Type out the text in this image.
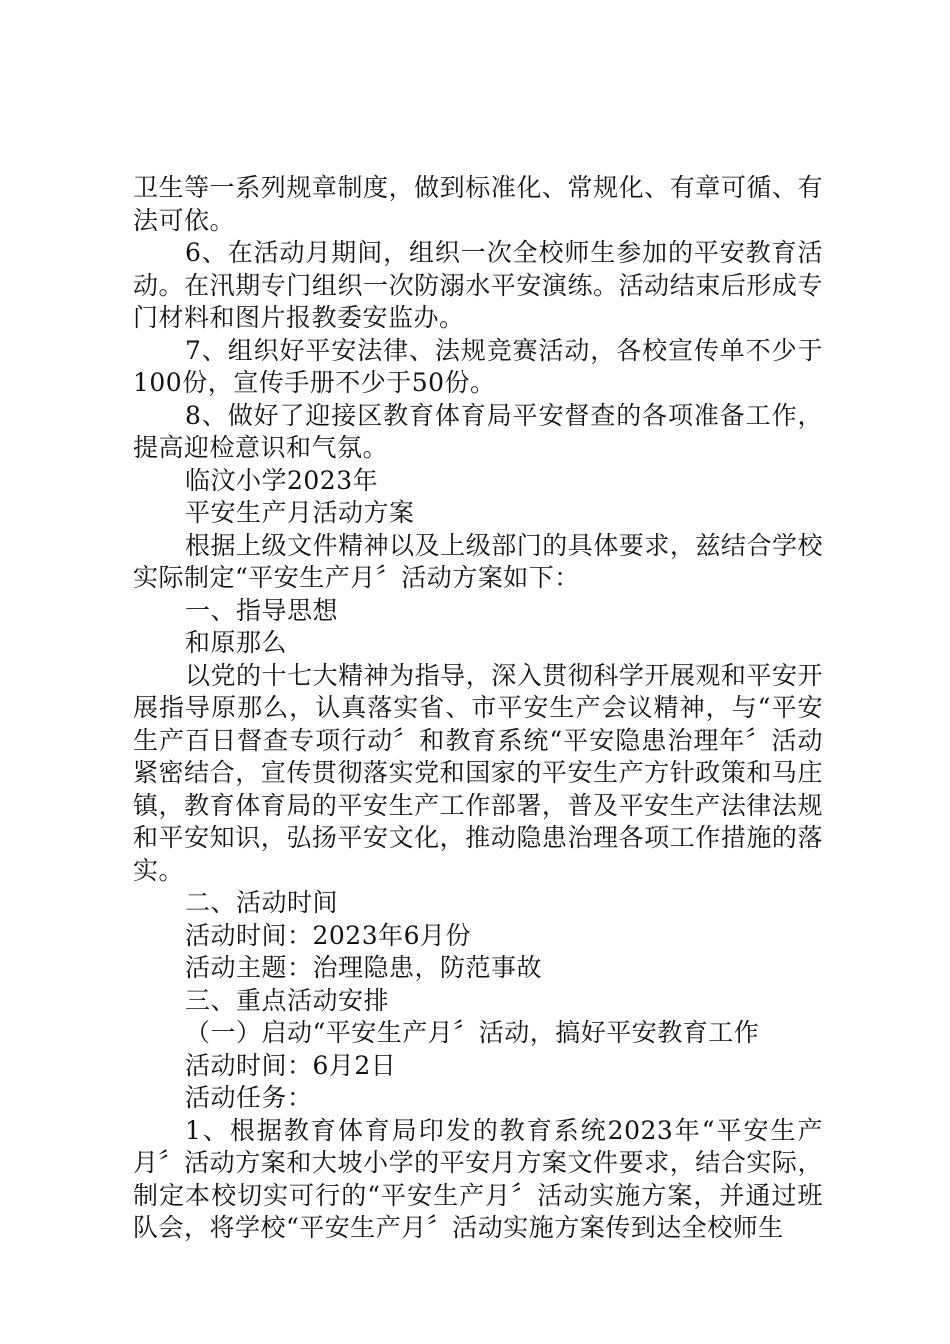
卫生等一系列规章制度，做到标准化、常规化、有章可循、有法可依。

6、在活动月期间，组织一次全校师生参加的平安教育活动。在汛期专门组织一次防溺水平安演练。活动结束后形成专门材料和图片报教委安监办。

7、组织好平安法律、法规竞赛活动，各校宣传单不少于100份，宣传手册不少于50份。

8、做好了迎接区教育体育局平安督查的各项准备工作，提高迎检意识和气氛。

临汶小学2023年

平安生产月活动方案

根据上级文件精神以及上级部门的具体要求，兹结合学校实际制定“平安生产月〞活动方案如下：

一、指导思想

和原那么

以党的十七大精神为指导，深入贯彻科学开展观和平安开展指导原那么，认真落实省、市平安生产会议精神，与“平安生产百日督查专项行动〞和教育系统“平安隐患治理年〞活动紧密结合，宣传贯彻落实党和国家的平安生产方针政策和马庄镇，教育体育局的平安生产工作部署，普及平安生产法律法规和平安知识，弘扬平安文化，推动隐患治理各项工作措施的落实。

二、活动时间

活动时间：2023年6月份

活动主题：治理隐患，防范事故

三、重点活动安排

（一）启动“平安生产月〞活动，搞好平安教育工作

活动时间：6月2日

活动任务：

1、根据教育体育局印发的教育系统2023年“平安生产月〞活动方案和大坡小学的平安月方案文件要求，结合实际，制定本校切实可行的“平安生产月〞活动实施方案，并通过班队会，将学校“平安生产月〞活动实施方案传到达全校师生
